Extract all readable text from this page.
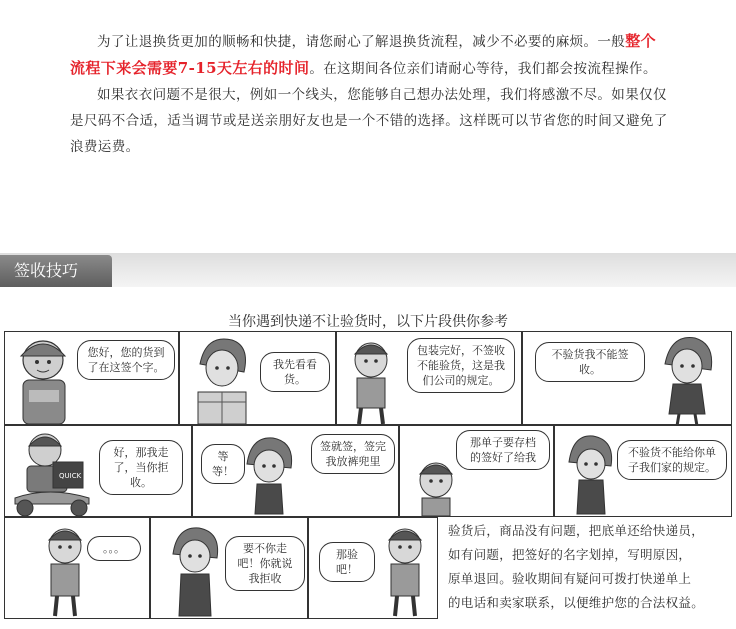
为了让退换货更加的顺畅和快捷，请您耐心了解退换货流程，减少不必要的麻烦。一般整个流程下来会需要7-15天左右的时间。在这期间各位亲们请耐心等待，我们都会按流程操作。

如果衣衣问题不是很大，例如一个线头，您能够自己想办法处理，我们将感激不尽。如果仅仅是尺码不合适，适当调节或是送亲朋好友也是一个不错的选择。这样既可以节省您的时间又避免了浪费运费。

签收技巧
当你遇到快递不让验货时，以下片段供你参考
您好，您的货到了在这签个字。	我先看看货。
包装完好，不签收不能验货，这是我们公司的规定。
不验货我不能签收。
QUICK
好，那我走了，当你拒收。
等等！
签就签，签完我放裤兜里
那单子要存档的签好了给我	不验货不能给你单子我们家的规定。
。。。	要不你走吧！你就说我拒收
那验吧！
验货后，商品没有问题，把底单还给快递员，
如有问题，把签好的名字划掉，写明原因，
原单退回。验收期间有疑问可拨打快递单上
的电话和卖家联系，以便维护您的合法权益。
